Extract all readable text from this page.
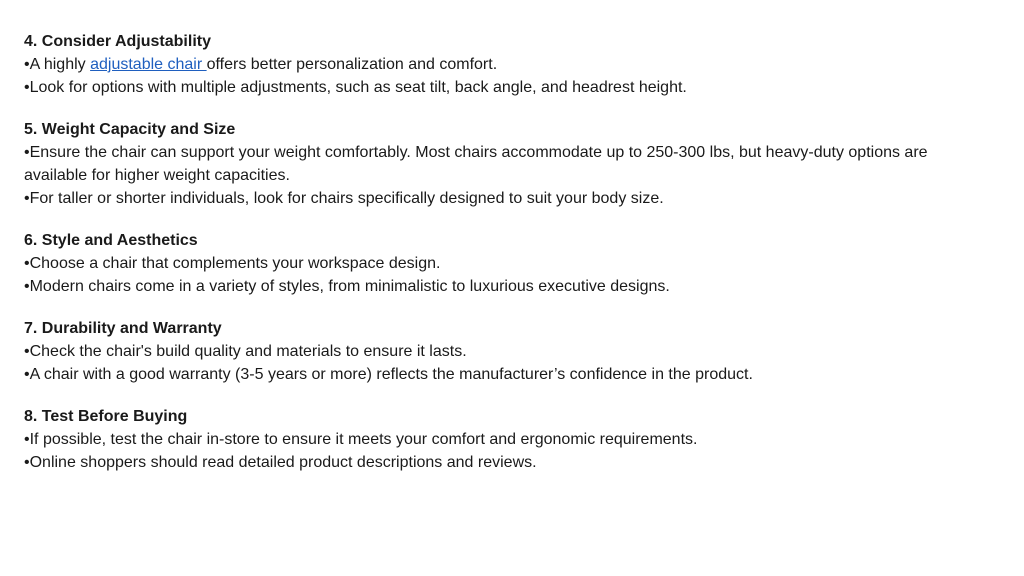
4. Consider Adjustability
•A highly adjustable chair offers better personalization and comfort.
•Look for options with multiple adjustments, such as seat tilt, back angle, and headrest height.
5. Weight Capacity and Size
•Ensure the chair can support your weight comfortably. Most chairs accommodate up to 250-300 lbs, but heavy-duty options are available for higher weight capacities.
•For taller or shorter individuals, look for chairs specifically designed to suit your body size.
6. Style and Aesthetics
•Choose a chair that complements your workspace design.
•Modern chairs come in a variety of styles, from minimalistic to luxurious executive designs.
7. Durability and Warranty
•Check the chair's build quality and materials to ensure it lasts.
•A chair with a good warranty (3-5 years or more) reflects the manufacturer’s confidence in the product.
8. Test Before Buying
•If possible, test the chair in-store to ensure it meets your comfort and ergonomic requirements.
•Online shoppers should read detailed product descriptions and reviews.
